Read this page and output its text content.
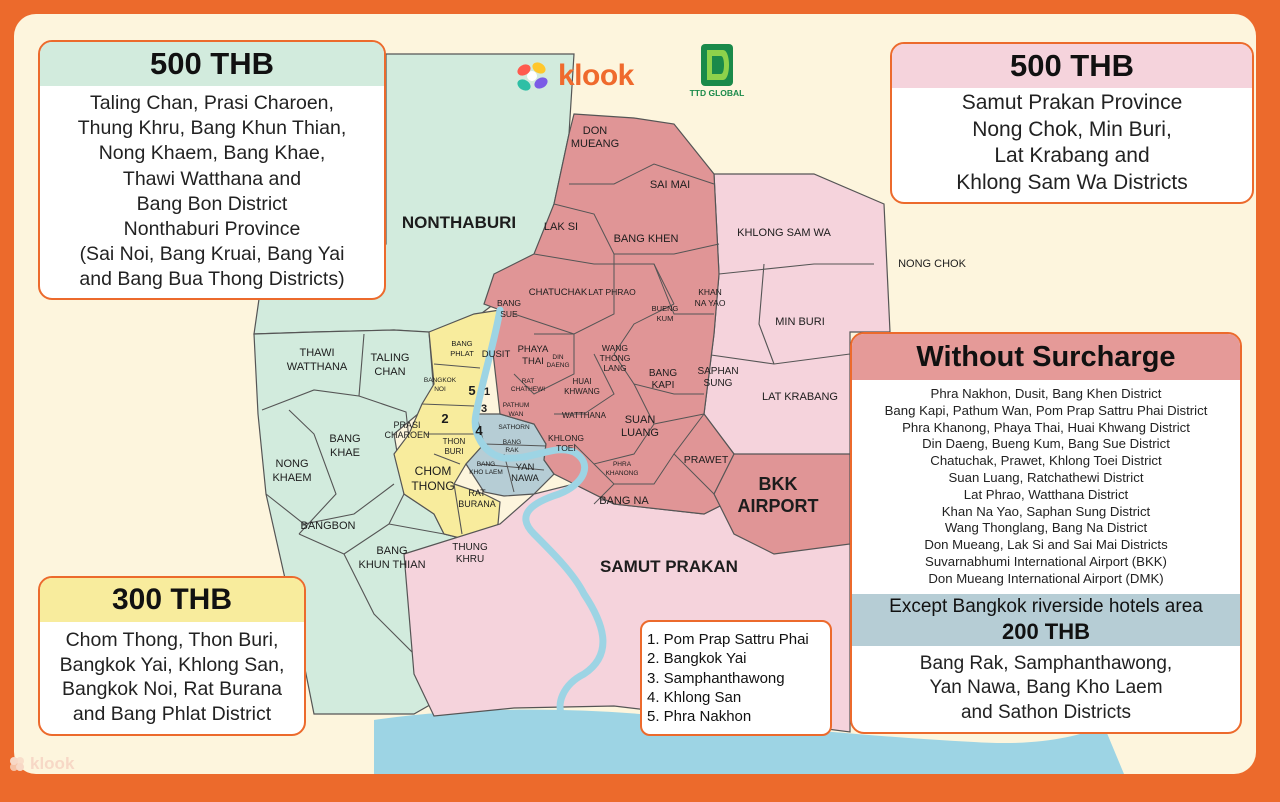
NONTHABURI
SAMUT PRAKAN
KHLONG SAM WA
NONG CHOK
MIN BURI
LAT KRABANG
SAI MAI
LAK SI
BANG KHEN
CHATUCHAK LAT PHRAO
DUSIT
WATTHANA
SATHORN
PRAWET
BANG NA
BANGBON
1
2
3
4
5
DON MUEANG
BUENG KUM
KHAN NA YAO
BANG SUE
PHAYA THAI	DIN DAENG
WANG THONG LANG	BANG KAPI
SAPHAN SUNG
RAT CHATHEWI
HUAI KHWANG
PATHUM WAN
BANG RAK
KHLONG TOEI
SUAN LUANG
BANG KHO LAEM	YAN NAWA
PHRA KHANONG
BKK AIRPORT
THAWI WATTHANA
TALING CHAN
BANG PHLAT
BANGKOK NOI
BANG KHAE
PRASI CHAROEN
THON BURI
NONG KHAEM	CHOM THONG	RAT BURANA
BANG KHUN THIAN
THUNG KHRU
klook
TTD GLOBAL
500 THB
Taling Chan, Prasi Charoen,
Thung Khru, Bang Khun Thian,
Nong Khaem, Bang Khae,
Thawi Watthana and
Bang Bon District
Nonthaburi Province
(Sai Noi, Bang Kruai, Bang Yai
and Bang Bua Thong Districts)
500 THB
Samut Prakan Province
Nong Chok, Min Buri,
Lat Krabang and
Khlong Sam Wa Districts
300 THB
Chom Thong, Thon Buri,
Bangkok Yai, Khlong San,
Bangkok Noi, Rat Burana
and Bang Phlat District
1. Pom Prap Sattru Phai
2. Bangkok Yai
3. Samphanthawong
4. Khlong San
5. Phra Nakhon
Without Surcharge
Phra Nakhon, Dusit, Bang Khen District
Bang Kapi, Pathum Wan, Pom Prap Sattru Phai District
Phra Khanong, Phaya Thai, Huai Khwang District
Din Daeng, Bueng Kum, Bang Sue District
Chatuchak, Prawet, Khlong Toei District
Suan Luang, Ratchathewi District
Lat Phrao, Watthana District
Khan Na Yao, Saphan Sung District
Wang Thonglang, Bang Na District
Don Mueang, Lak Si and Sai Mai Districts
Suvarnabhumi International Airport (BKK)
Don Mueang International Airport (DMK)
Except Bangkok riverside hotels area
200 THB
Bang Rak, Samphanthawong,
Yan Nawa, Bang Kho Laem
and Sathon Districts
klook
